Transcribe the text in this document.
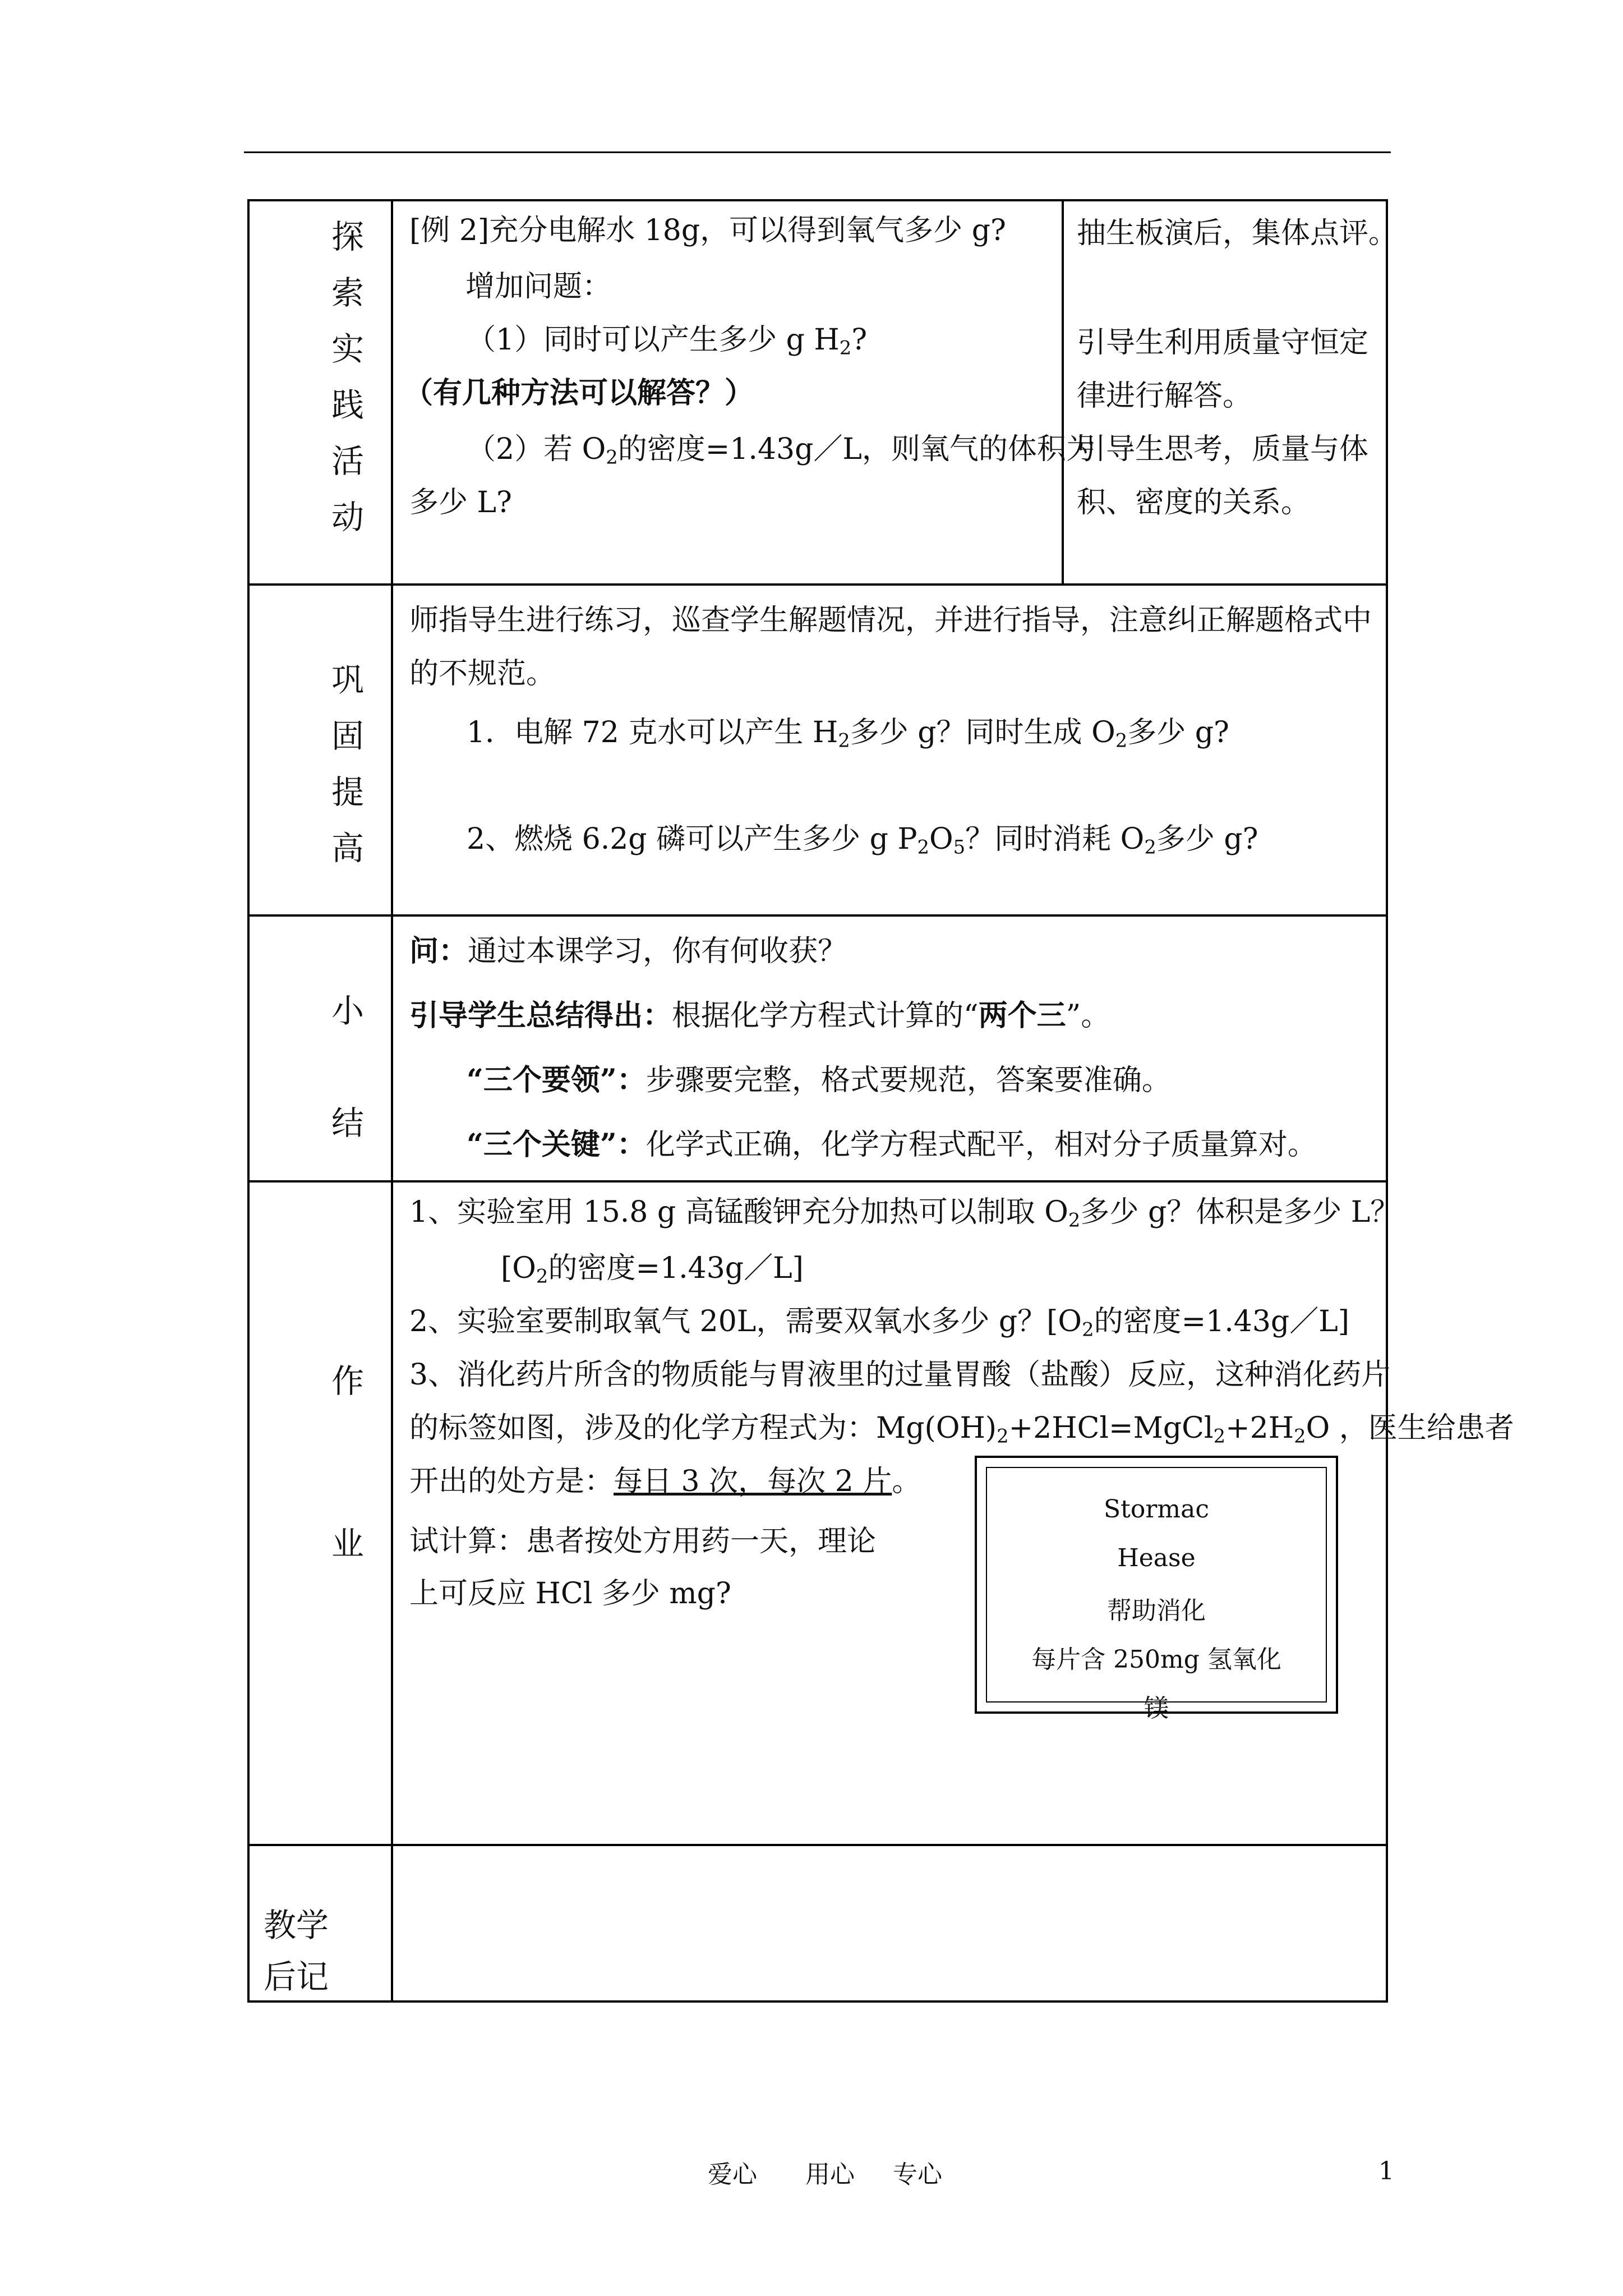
探
索
实
践
活
动
巩
固
提
高
小
结
作
业
教学
后记
[例 2]充分电解水 18g，可以得到氧气多少 g?
增加问题：
（1）同时可以产生多少 g $H_2$?
（有几种方法可以解答？）
（2）若 $O_2$的密度=1.43g／L，则氧气的体积为
多少 L?
抽生板演后，集体点评。
引导生利用质量守恒定
律进行解答。
引导生思考，质量与体
积、密度的关系。
师指导生进行练习，巡查学生解题情况，并进行指导，注意纠正解题格式中
的不规范。
1．电解 72 克水可以产生 $H_2$多少 g？同时生成 $O_2$多少 g?
2、燃烧 6.2g 磷可以产生多少 g $P_2O_5$？同时消耗 $O_2$多少 g?
问：通过本课学习，你有何收获？
引导学生总结得出：根据化学方程式计算的“两个三”。
“三个要领”：步骤要完整，格式要规范，答案要准确。
“三个关键”：化学式正确，化学方程式配平，相对分子质量算对。
1、实验室用 15.8 g 高锰酸钾充分加热可以制取 $O_2$多少 g？体积是多少 L？
[$O_2$的密度=1.43g／L]
2、实验室要制取氧气 20L，需要双氧水多少 g？[$O_2$的密度=1.43g／L]
3、消化药片所含的物质能与胃液里的过量胃酸（盐酸）反应，这种消化药片
的标签如图，涉及的化学方程式为：$Mg(OH)_2+2HCl=MgCl_2+2H_2O$ ，医生给患者
开出的处方是：每日 3 次，每次 2 片。
试计算：患者按处方用药一天，理论
上可反应 HCl 多少 mg?
Stormac
Hease
帮助消化
每片含 250mg 氢氧化
镁
爱心 用心 专心	1
